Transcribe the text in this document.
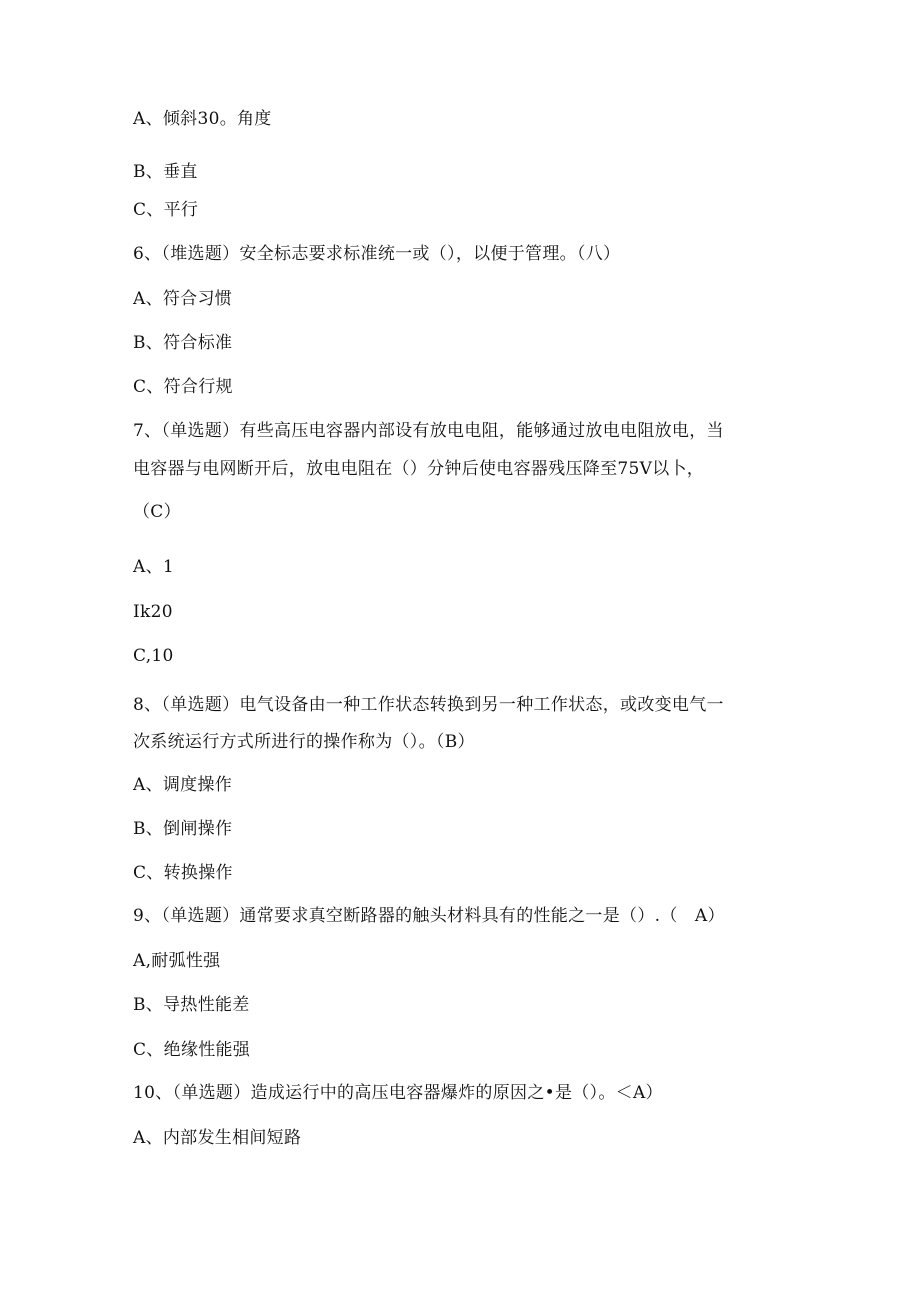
A、倾斜30。角度
B、垂直
C、平行
6、（堆选题）安全标志要求标准统一或（），以便于管理。（八）
A、符合习惯
B、符合标准
C、符合行规
7、（单选题）有些高压电容器内部设有放电电阻，能够通过放电电阻放电，当
电容器与电网断开后，放电电阻在（）分钟后使电容器残压降至75V以卜，
（C）
A、1
Ik20
C,10
8、（单选题）电气设备由一种工作状态转换到另一种工作状态，或改变电气一
次系统运行方式所进行的操作称为（）。（B）
A、调度操作
B、倒闸操作
C、转换操作
9、（单选题）通常要求真空断路器的触头材料具有的性能之一是（）.（　A）
A,耐弧性强
B、导热性能差
C、绝缘性能强
10、（单选题）造成运行中的高压电容器爆炸的原因之•是（）。＜A）
A、内部发生相间短路
